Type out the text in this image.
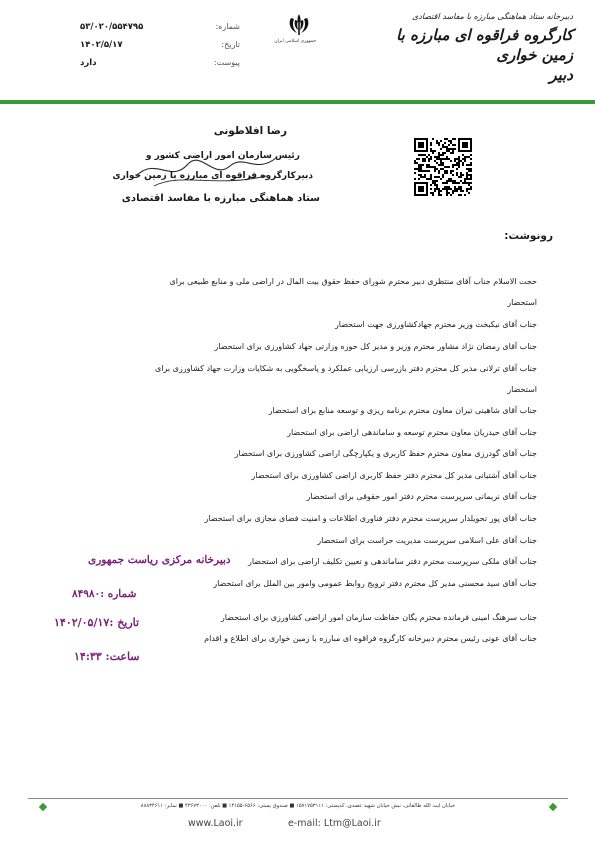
دبیرخانه ستاد هماهنگی مبارزه با مفاسد اقتصادی
کارگروه فراقوه ای مبارزه با زمین خواری
دبیر
جمهوری اسلامی ایران
شماره:
۵۳/۰۲۰/۵۵۴۷۹۵
تاریخ:
۱۴۰۲/۵/۱۷
پیوست:
دارد
رضا افلاطونی
رئیس سازمان امور اراضی کشور و
دبیرکارگروه فراقوه ای مبارزه با زمین خواری
ستاد هماهنگی مبارزه با مفاسد اقتصادی
رونوشت:
حجت الاسلام جناب آقای منتظری دبیر محترم شورای حفظ حقوق بیت المال در اراضی ملی و منابع طبیعی برای
استحضار
جناب آقای نیکبخت وزیر محترم جهادکشاورزی جهت استحضار
جناب آقای رمضان نژاد مشاور محترم وزیر و مدیر کل حوزه وزارتی جهاد کشاورزی برای استحضار
جناب آقای ترلانی مدیر کل محترم دفتر بازرسی ارزیابی عملکرد و پاسخگویی به شکایات وزارت جهاد کشاورزی برای
استحضار
جناب آقای شاهینی تیران معاون محترم برنامه ریزی و توسعه منابع برای استحضار
جناب آقای حیدریان معاون محترم توسعه و ساماندهی اراضی برای استحضار
جناب آقای گودرزی معاون محترم حفظ کاربری و یکپارچگی اراضی کشاورزی برای استحضار
جناب آقای آشتیانی مدیر کل محترم دفتر حفظ کاربری اراضی کشاورزی برای استحضار
جناب آقای نریمانی سرپرست محترم دفتر امور حقوقی برای استحضار
جناب آقای پور تحویلدار سرپرست محترم دفتر فناوری اطلاعات و امنیت فضای مجازی برای استحضار
جناب آقای علی اسلامی سرپرست مدیریت حراست برای استحضار
جناب آقای ملکی سرپرست محترم دفتر ساماندهی و تعیین تکلیف اراضی برای استحضار
جناب آقای سید محسنی مدیر کل محترم دفتر ترویج روابط عمومی وامور بین الملل برای استحضار
جناب سرهنگ امینی فرمانده محترم یگان حفاظت سازمان امور اراضی کشاورزی برای استحضار
جناب آقای عونی رئیس محترم دبیرخانه کارگروه فراقوه ای مبارزه با زمین خواری برای اطلاع و اقدام
دبیرخانه مرکزی ریاست جمهوری
شماره :۸۴۹۸۰
تاریخ :۱۴۰۲/۰۵/۱۷
ساعت: ۱۴:۳۳
خیابان آیت الله طالقانی، نبش خیابان شهید عضدی، کدپستی: ۱۵۷۱۷۵۳۱۱۱ ■ صندوق پستی: ۶۵۶۶-۱۴۱۵۵ ■ تلفن: ۴۳۶۷۳۰۰۰ ■ نمابر: ۸۸۸۳۴۶۱۱
www.Laoi.ir	e-mail: Ltm@Laoi.ir
